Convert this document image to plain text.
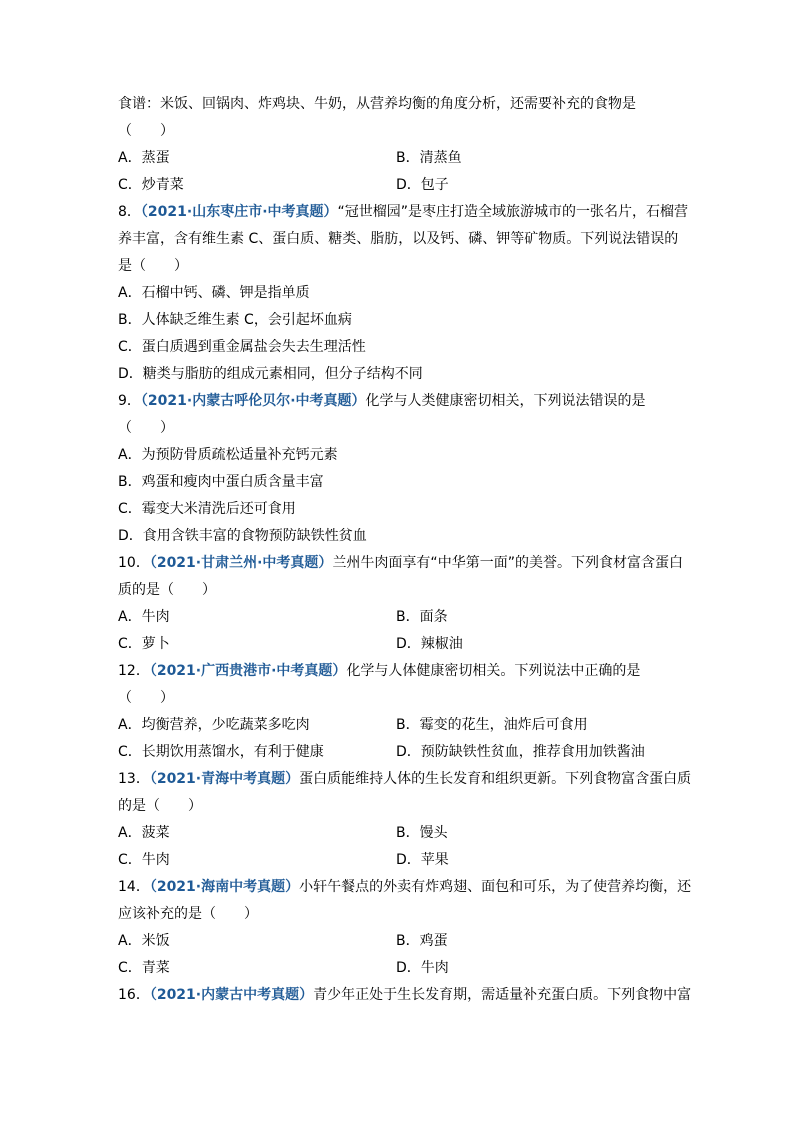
食谱：米饭、回锅肉、炸鸡块、牛奶，从营养均衡的角度分析，还需要补充的食物是
（　　）
A．蒸蛋	B．清蒸鱼
C．炒青菜	D．包子
8．（2021·山东枣庄市·中考真题）“冠世榴园”是枣庄打造全域旅游城市的一张名片，石榴营
养丰富，含有维生素 C、蛋白质、糖类、脂肪，以及钙、磷、钾等矿物质。下列说法错误的
是（　　）
A．石榴中钙、磷、钾是指单质
B．人体缺乏维生素 C，会引起坏血病
C．蛋白质遇到重金属盐会失去生理活性
D．糖类与脂肪的组成元素相同，但分子结构不同
9．（2021·内蒙古呼伦贝尔·中考真题）化学与人类健康密切相关，下列说法错误的是
（　　）
A．为预防骨质疏松适量补充钙元素
B．鸡蛋和瘦肉中蛋白质含量丰富
C．霉变大米清洗后还可食用
D．食用含铁丰富的食物预防缺铁性贫血
10．（2021·甘肃兰州·中考真题）兰州牛肉面享有“中华第一面”的美誉。下列食材富含蛋白
质的是（　　）
A．牛肉	B．面条
C．萝卜	D．辣椒油
12．（2021·广西贵港市·中考真题）化学与人体健康密切相关。下列说法中正确的是
（　　）
A．均衡营养，少吃蔬菜多吃肉	B．霉变的花生，油炸后可食用
C．长期饮用蒸馏水，有利于健康	D．预防缺铁性贫血，推荐食用加铁酱油
13．（2021·青海中考真题）蛋白质能维持人体的生长发育和组织更新。下列食物富含蛋白质
的是（　　）
A．菠菜	B．馒头
C．牛肉	D．苹果
14．（2021·海南中考真题）小轩午餐点的外卖有炸鸡翅、面包和可乐，为了使营养均衡，还
应该补充的是（　　）
A．米饭	B．鸡蛋
C．青菜	D．牛肉
16．（2021·内蒙古中考真题）青少年正处于生长发育期，需适量补充蛋白质。下列食物中富
